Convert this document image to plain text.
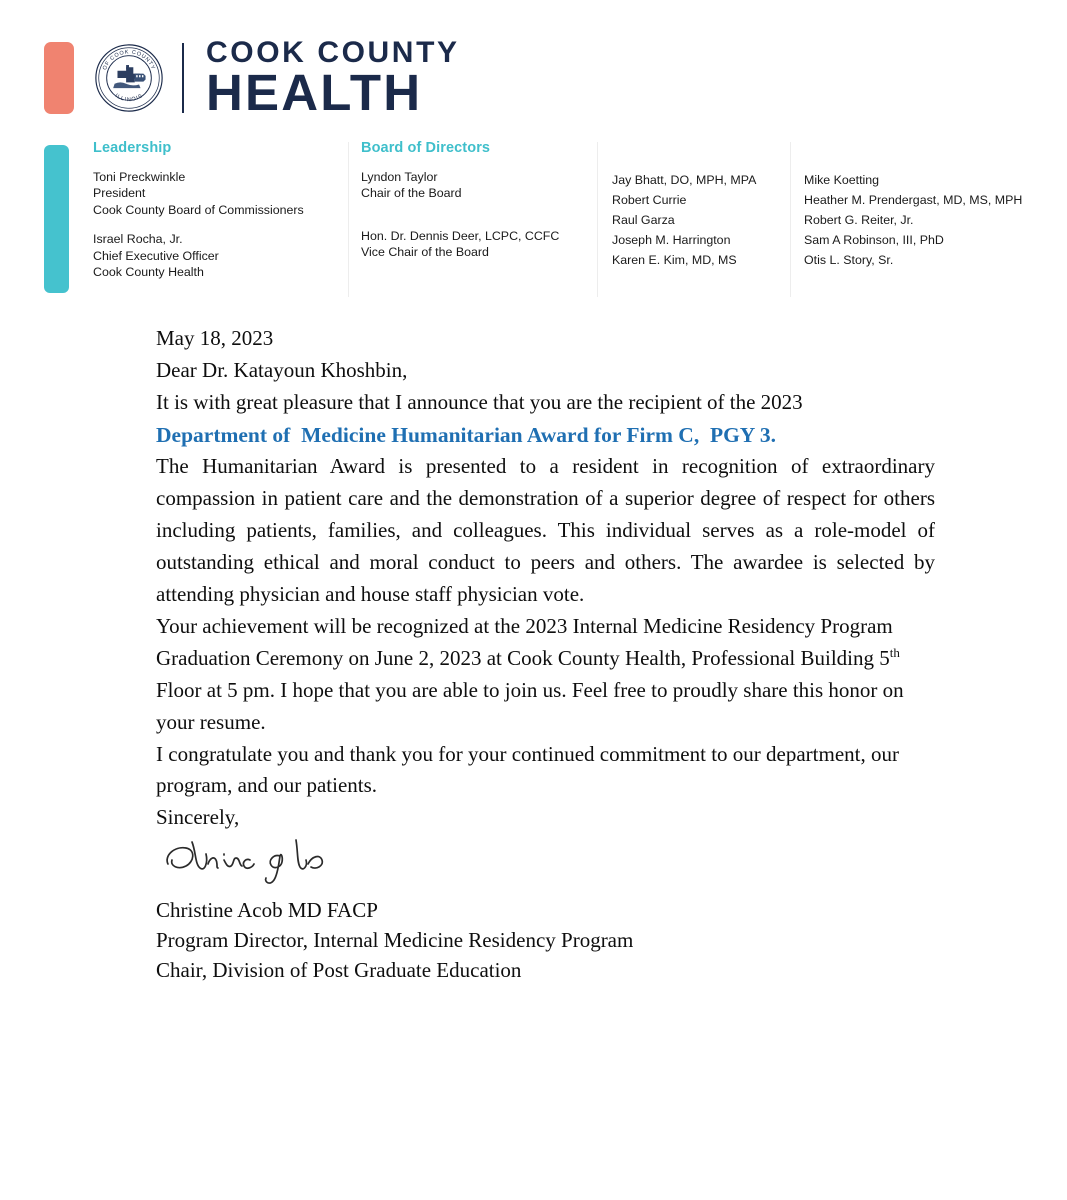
OF COOK COUNTY
ILLINOIS
COOK COUNTY
HEALTH
Leadership
Toni Preckwinkle
President
Cook County Board of Commissioners
Israel Rocha, Jr.
Chief Executive Officer
Cook County Health
Board of Directors
Lyndon Taylor
Chair of the Board
Hon. Dr. Dennis Deer, LCPC, CCFC
Vice Chair of the Board
Jay Bhatt, DO, MPH, MPA
Robert Currie
Raul Garza
Joseph M. Harrington
Karen E. Kim, MD, MS
Mike Koetting
Heather M. Prendergast, MD, MS, MPH
Robert G. Reiter, Jr.
Sam A Robinson, III, PhD
Otis L. Story, Sr.

May 18, 2023

Dear Dr. Katayoun Khoshbin,

It is with great pleasure that I announce that you are the recipient of the 2023

Department of  Medicine Humanitarian Award for Firm C,  PGY 3.

The Humanitarian Award is presented to a resident in recognition of extraordinary compassion in patient care and the demonstration of a superior degree of respect for others including patients, families, and colleagues. This individual serves as a role-model of outstanding ethical and moral conduct to peers and others. The awardee is selected by attending physician and house staff physician vote.

Your achievement will be recognized at the 2023 Internal Medicine Residency Program Graduation Ceremony on June 2, 2023 at Cook County Health, Professional Building 5th Floor at 5 pm. I hope that you are able to join us. Feel free to proudly share this honor on your resume.

I congratulate you and thank you for your continued commitment to our department, our program, and our patients.

Sincerely,

Christine Acob MD FACP
Program Director, Internal Medicine Residency Program
Chair, Division of Post Graduate Education
